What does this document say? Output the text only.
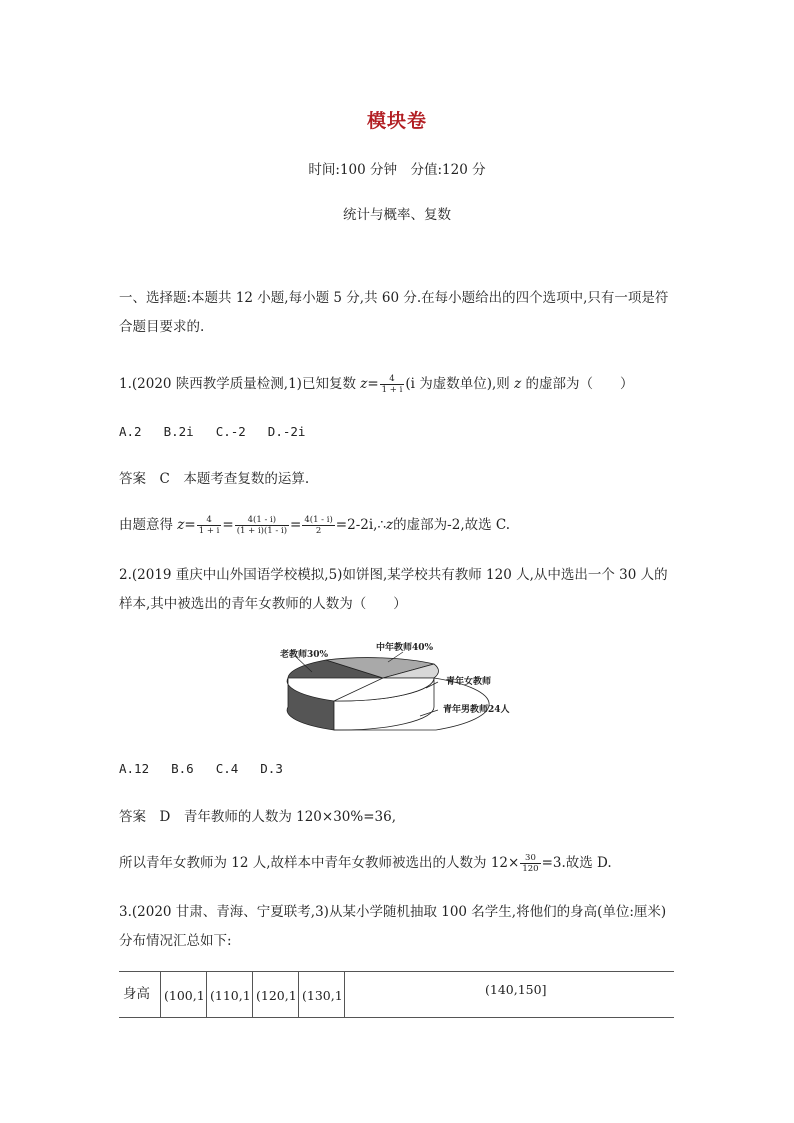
模块卷
时间:100 分钟　分值:120 分
统计与概率、复数
一、选择题:本题共 12 小题,每小题 5 分,共 60 分.在每小题给出的四个选项中,只有一项是符合题目要求的.
1.(2020 陕西教学质量检测,1)已知复数 $z= \frac{4}{1 + i} (i$ 为虚数单位),则 z 的虚部为（　　）
A.2 B.2i C.-2 D.-2i
答案　C　本题考查复数的运算.
由题意得 $z= \frac{4}{1 + i} = \frac{4(1 - i)}{(1 + i)(1 - i)} = \frac{4(1 - i)}{2}$ =2-2i,∴z的虚部为-2,故选 C.
2.(2019 重庆中山外国语学校模拟,5)如饼图,某学校共有教师 120 人,从中选出一个 30 人的样本,其中被选出的青年女教师的人数为（　　）
老教师30%
中年教师40%
青年女教师
青年男教师24人
A.12 B.6 C.4 D.3
答案　D　青年教师的人数为 120×30%=36,
所以青年女教师为 12 人,故样本中青年女教师被选出的人数为 $12\times \frac{30}{120} =3$.故选 D.
3.(2020 甘肃、青海、宁夏联考,3)从某小学随机抽取 100 名学生,将他们的身高(单位:厘米)分布情况汇总如下:
身高	(100,1	(110,1	(120,1	(130,1	(140,150]
